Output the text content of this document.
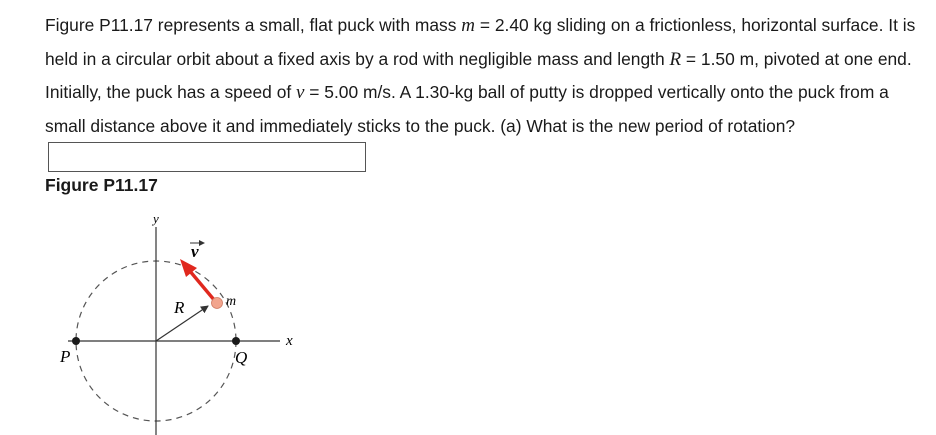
Figure P11.17 represents a small, flat puck with mass m = 2.40 kg sliding on a frictionless, horizontal surface. It is held in a circular orbit about a fixed axis by a rod with negligible mass and length R = 1.50 m, pivoted at one end. Initially, the puck has a speed of v = 5.00 m/s. A 1.30-kg ball of putty is dropped vertically onto the puck from a small distance above it and immediately sticks to the puck. (a) What is the new period of rotation?

Figure P11.17

y
x
R
v
m
P	Q
